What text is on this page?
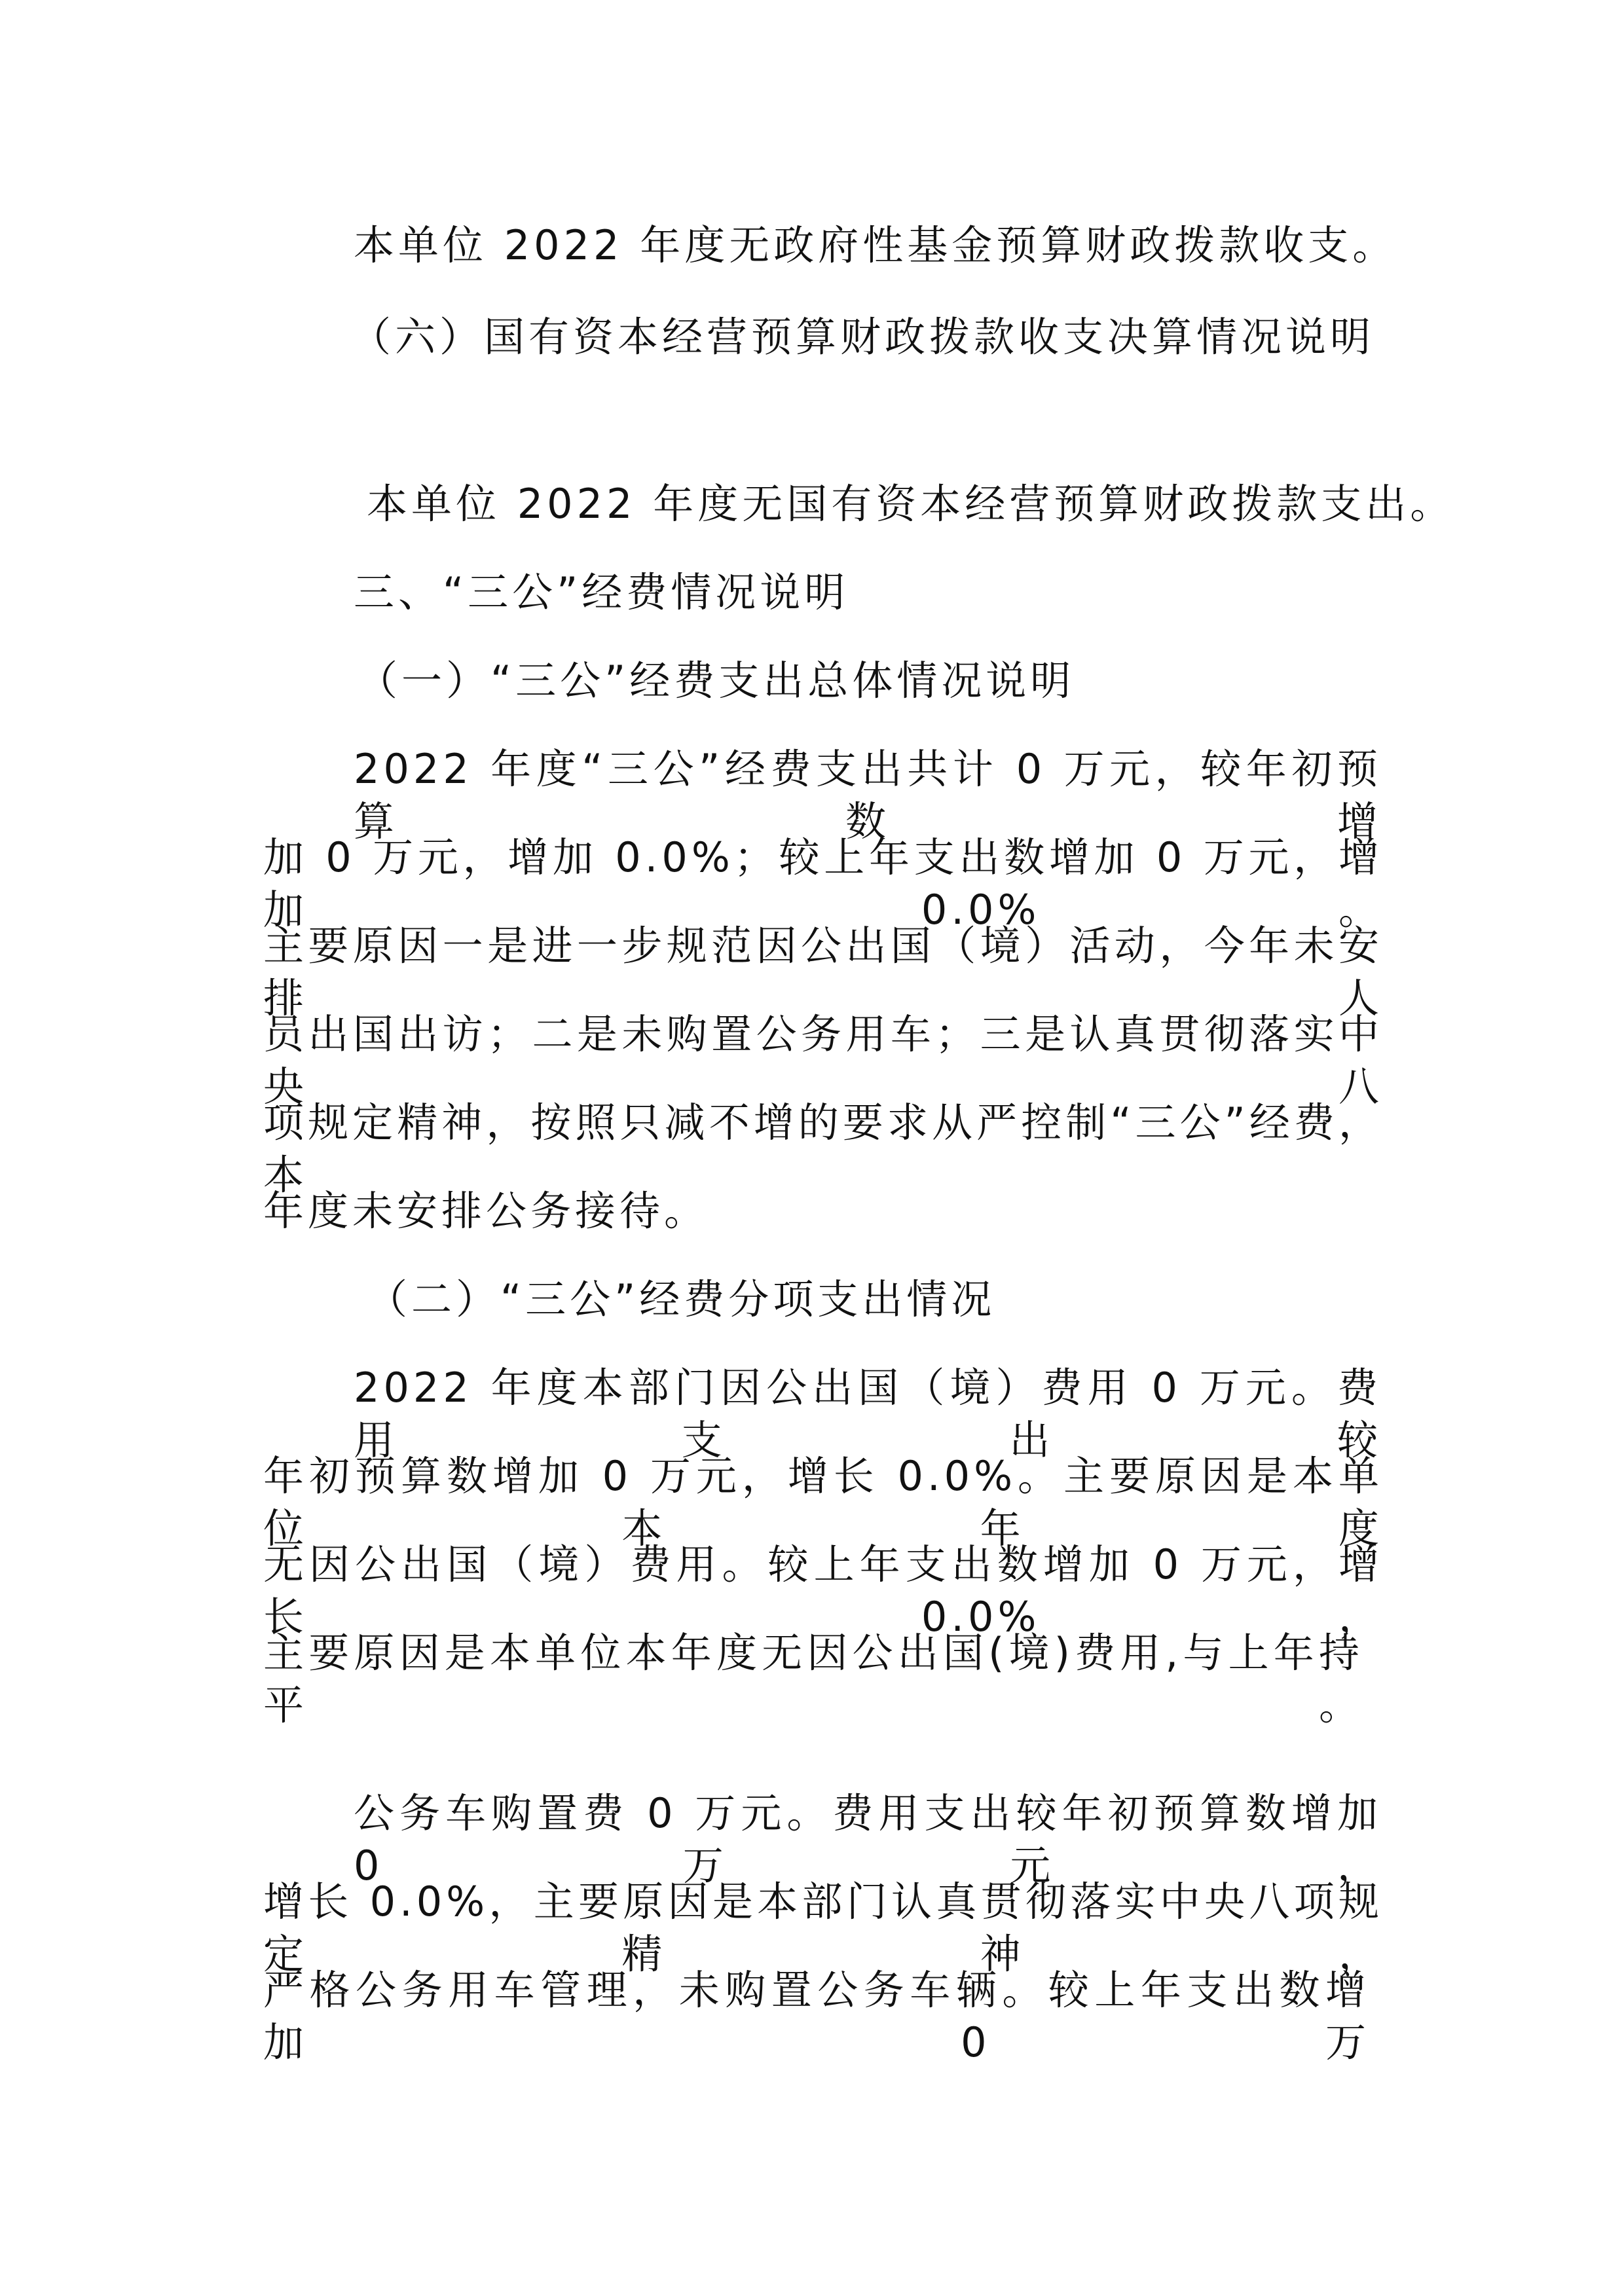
本单位 2022 年度无政府性基金预算财政拨款收支。
（六）国有资本经营预算财政拨款收支决算情况说明
本单位 2022 年度无国有资本经营预算财政拨款支出。
三、“三公”经费情况说明
（一）“三公”经费支出总体情况说明
2022 年度“三公”经费支出共计 0 万元，较年初预算数增
加 0 万元，增加 0.0%；较上年支出数增加 0 万元，增加 0.0%。
主要原因一是进一步规范因公出国（境）活动，今年未安排人
员出国出访；二是未购置公务用车；三是认真贯彻落实中央八
项规定精神，按照只减不增的要求从严控制“三公”经费，本
年度未安排公务接待。
（二）“三公”经费分项支出情况
2022 年度本部门因公出国（境）费用 0 万元。费用支出较
年初预算数增加 0 万元，增长 0.0%。主要原因是本单位本年度
无因公出国（境）费用。较上年支出数增加 0 万元，增长 0.0%，
主要原因是本单位本年度无因公出国(境)费用,与上年持平。
公务车购置费 0 万元。费用支出较年初预算数增加 0 万元，
增长 0.0%，主要原因是本部门认真贯彻落实中央八项规定精神，
严格公务用车管理，未购置公务车辆。较上年支出数增加 0 万
